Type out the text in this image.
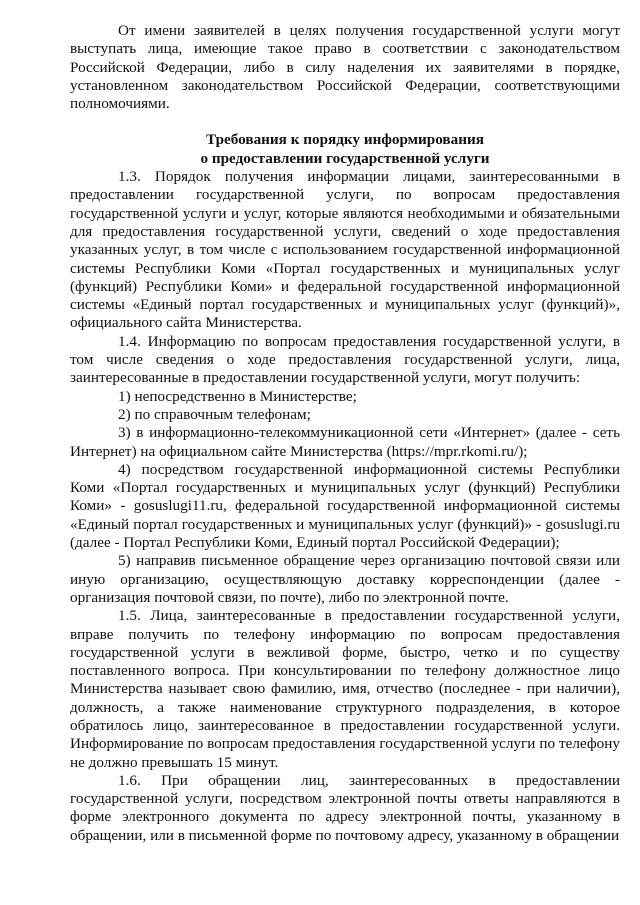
От имени заявителей в целях получения государственной услуги могут выступать лица, имеющие такое право в соответствии с законодательством Российской Федерации, либо в силу наделения их заявителями в порядке, установленном законодательством Российской Федерации, соответствующими полномочиями.

Требования к порядку информирования

о предоставлении государственной услуги

1.3. Порядок получения информации лицами, заинтересованными в предоставлении государственной услуги, по вопросам предоставления государственной услуги и услуг, которые являются необходимыми и обязательными для предоставления государственной услуги, сведений о ходе предоставления указанных услуг, в том числе с использованием государственной информационной системы Республики Коми «Портал государственных и муниципальных услуг (функций) Республики Коми» и федеральной государственной информационной системы «Единый портал государственных и муниципальных услуг (функций)», официального сайта Министерства.

1.4. Информацию по вопросам предоставления государственной услуги, в том числе сведения о ходе предоставления государственной услуги, лица, заинтересованные в предоставлении государственной услуги, могут получить:

1) непосредственно в Министерстве;

2) по справочным телефонам;

3) в информационно-телекоммуникационной сети «Интернет» (далее - сеть Интернет) на официальном сайте Министерства (https://mpr.rkomi.ru/);

4) посредством государственной информационной системы Республики Коми «Портал государственных и муниципальных услуг (функций) Республики Коми» - gosuslugi11.ru, федеральной государственной информационной системы «Единый портал государственных и муниципальных услуг (функций)» - gosuslugi.ru (далее - Портал Республики Коми, Единый портал Российской Федерации);

5) направив письменное обращение через организацию почтовой связи или иную организацию, осуществляющую доставку корреспонденции (далее - организация почтовой связи, по почте), либо по электронной почте.

1.5. Лица, заинтересованные в предоставлении государственной услуги, вправе получить по телефону информацию по вопросам предоставления государственной услуги в вежливой форме, быстро, четко и по существу поставленного вопроса. При консультировании по телефону должностное лицо Министерства называет свою фамилию, имя, отчество (последнее - при наличии), должность, а также наименование структурного подразделения, в которое обратилось лицо, заинтересованное в предоставлении государственной услуги. Информирование по вопросам предоставления государственной услуги по телефону не должно превышать 15 минут.

1.6. При обращении лиц, заинтересованных в предоставлении государственной услуги, посредством электронной почты ответы направляются в форме электронного документа по адресу электронной почты, указанному в обращении, или в письменной форме по почтовому адресу, указанному в обращении
